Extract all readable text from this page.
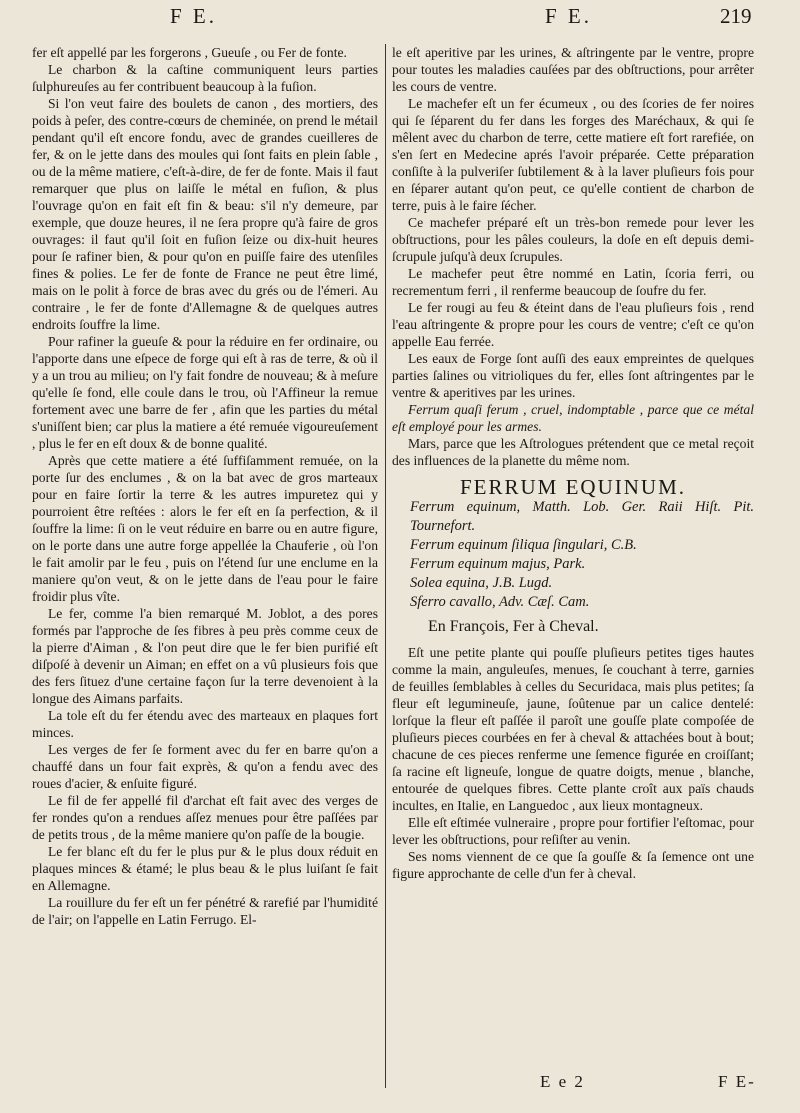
F E.	F E.	219

fer eſt appellé par les forgerons , Gueuſe , ou Fer de fonte.

Le charbon & la caſtine communiquent leurs parties ſulphureuſes au fer contribuent beaucoup à la fuſion.

Si l'on veut faire des boulets de canon , des mortiers, des poids à peſer, des contre-cœurs de cheminée, on prend le métail pendant qu'il eſt encore fondu, avec de grandes cueilleres de fer, & on le jette dans des moules qui ſont faits en plein ſable , ou de la même matiere, c'eſt-à-dire, de fer de fonte. Mais il faut remarquer que plus on laiſſe le métal en fuſion, & plus l'ouvrage qu'on en fait eſt fin & beau: s'il n'y demeure, par exemple, que douze heures, il ne ſera propre qu'à faire de gros ouvrages: il faut qu'il ſoit en fuſion ſeize ou dix-huit heures pour ſe rafiner bien, & pour qu'on en puiſſe faire des utenſiles fines & polies. Le fer de fonte de France ne peut être limé, mais on le polit à force de bras avec du grés ou de l'émeri. Au contraire , le fer de fonte d'Allemagne & de quelques autres endroits ſouffre la lime.

Pour rafiner la gueuſe & pour la réduire en fer ordinaire, ou l'apporte dans une eſpece de forge qui eſt à ras de terre, & où il y a un trou au milieu; on l'y fait fondre de nouveau; & à meſure qu'elle ſe fond, elle coule dans le trou, où l'Affineur la remue fortement avec une barre de fer , afin que les parties du métal s'uniſſent bien; car plus la matiere a été remuée vigoureuſement , plus le fer en eſt doux & de bonne qualité.

Après que cette matiere a été ſuffiſamment remuée, on la porte ſur des enclumes , & on la bat avec de gros marteaux pour en faire ſortir la terre & les autres impuretez qui y pourroient être reſtées : alors le fer eſt en ſa perfection, & il ſouffre la lime: ſi on le veut réduire en barre ou en autre figure, on le porte dans une autre forge appellée la Chauferie , où l'on le fait amolir par le feu , puis on l'étend ſur une enclume en la maniere qu'on veut, & on le jette dans de l'eau pour le faire froidir plus vîte.

Le fer, comme l'a bien remarqué M. Joblot, a des pores formés par l'approche de ſes fibres à peu près comme ceux de la pierre d'Aiman , & l'on peut dire que le fer bien purifié eſt diſpoſé à devenir un Aiman; en effet on a vû plusieurs fois que des fers ſituez d'une certaine façon ſur la terre devenoient à la longue des Aimans parfaits.

La tole eſt du fer étendu avec des marteaux en plaques fort minces.

Les verges de fer ſe forment avec du fer en barre qu'on a chauffé dans un four fait exprès, & qu'on a fendu avec des roues d'acier, & enſuite figuré.

Le fil de fer appellé fil d'archat eſt fait avec des verges de fer rondes qu'on a rendues aſſez menues pour être paſſées par de petits trous , de la même maniere qu'on paſſe de la bougie.

Le fer blanc eſt du fer le plus pur & le plus doux réduit en plaques minces & étamé; le plus beau & le plus luiſant ſe fait en Allemagne.

La rouillure du fer eſt un fer pénétré & rarefié par l'humidité de l'air; on l'appelle en Latin Ferrugo. El-

le eſt aperitive par les urines, & aſtringente par le ventre, propre pour toutes les maladies cauſées par des obſtructions, pour arrêter les cours de ventre.

Le machefer eſt un fer écumeux , ou des ſcories de fer noires qui ſe ſéparent du fer dans les forges des Maréchaux, & qui ſe mêlent avec du charbon de terre, cette matiere eſt fort rarefiée, on s'en ſert en Medecine aprés l'avoir préparée. Cette préparation conſiſte à la pulveriſer ſubtilement & à la laver pluſieurs fois pour en ſéparer autant qu'on peut, ce qu'elle contient de charbon de terre, puis à le faire ſécher.

Ce machefer préparé eſt un très-bon remede pour lever les obſtructions, pour les pâles couleurs, la doſe en eſt depuis demi-ſcrupule juſqu'à deux ſcrupules.

Le machefer peut être nommé en Latin, ſcoria ferri, ou recrementum ferri , il renferme beaucoup de ſoufre du fer.

Le fer rougi au feu & éteint dans de l'eau pluſieurs fois , rend l'eau aſtringente & propre pour les cours de ventre; c'eſt ce qu'on appelle Eau ferrée.

Les eaux de Forge ſont auſſi des eaux empreintes de quelques parties ſalines ou vitrioliques du fer, elles ſont aſtringentes par le ventre & aperitives par les urines.

Ferrum quaſi ferum , cruel, indomptable , parce que ce métal eſt employé pour les armes.

Mars, parce que les Aſtrologues prétendent que ce metal reçoit des influences de la planette du même nom.

FERRUM EQUINUM.
Ferrum equinum, Matth. Lob. Ger. Raii Hiſt. Pit. Tournefort.
Ferrum equinum ſiliqua ſingulari, C.B.
Ferrum equinum majus, Park.
Solea equina, J.B. Lugd.
Sferro cavallo, Adv. Cæſ. Cam.
En François, Fer à Cheval.

Eſt une petite plante qui pouſſe pluſieurs petites tiges hautes comme la main, anguleuſes, menues, ſe couchant à terre, garnies de feuilles ſemblables à celles du Securidaca, mais plus petites; ſa fleur eſt legumineuſe, jaune, ſoûtenue par un calice dentelé: lorſque la fleur eſt paſſée il paroît une gouſſe plate compoſée de pluſieurs pieces courbées en fer à cheval & attachées bout à bout; chacune de ces pieces renferme une ſemence figurée en croiſſant; ſa racine eſt ligneuſe, longue de quatre doigts, menue , blanche, entourée de quelques fibres. Cette plante croît aux païs chauds incultes, en Italie, en Languedoc , aux lieux montagneux.

Elle eſt eſtimée vulneraire , propre pour fortifier l'eſtomac, pour lever les obſtructions, pour reſiſter au venin.

Ses noms viennent de ce que ſa gouſſe & ſa ſemence ont une figure approchante de celle d'un fer à cheval.

E e 2	F E-
